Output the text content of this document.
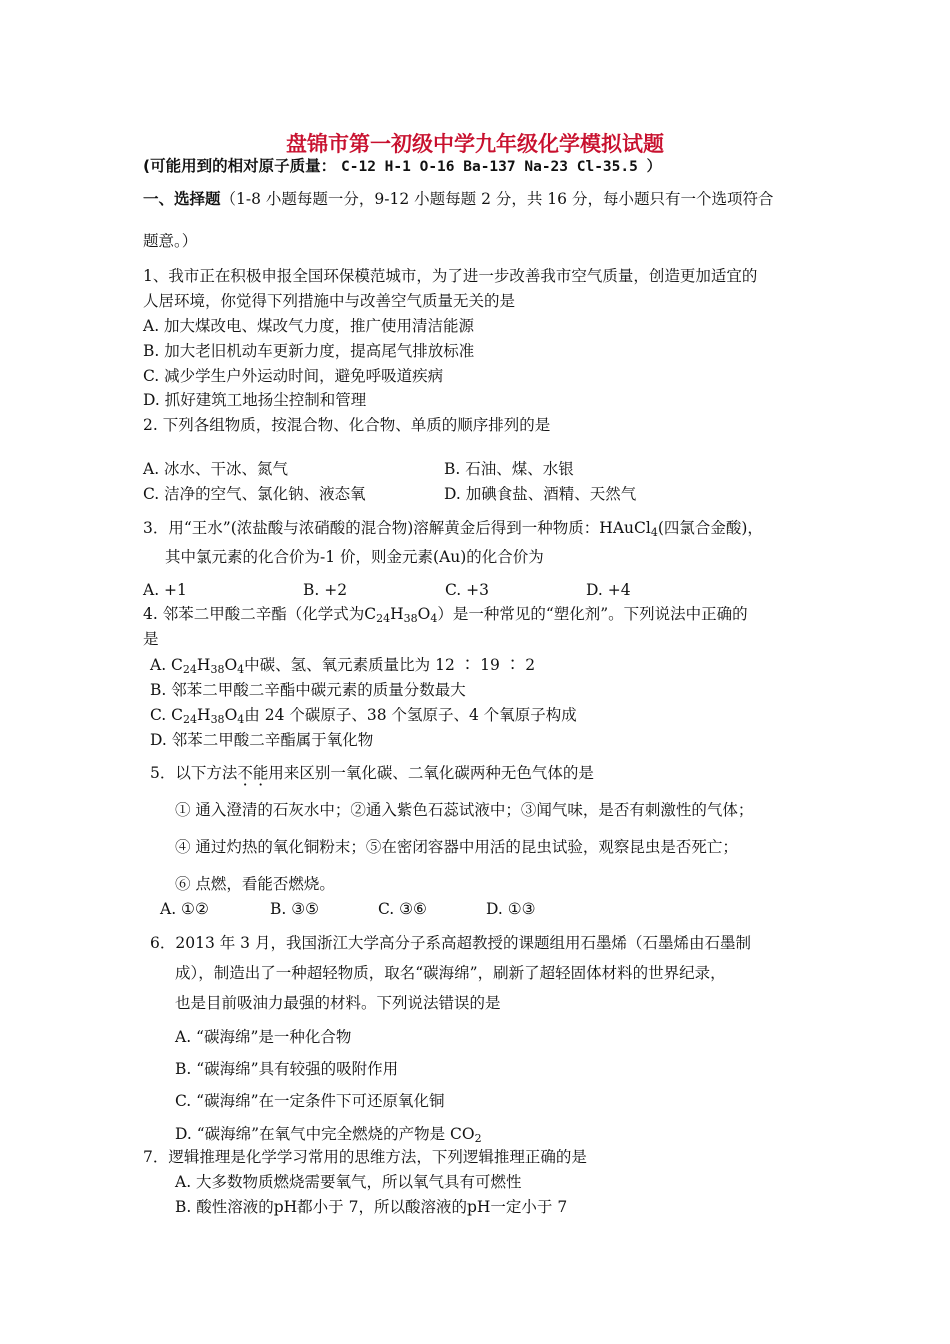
盘锦市第一初级中学九年级化学模拟试题
(可能用到的相对原子质量： C-12 H-1 O-16 Ba-137 Na-23 Cl-35.5 ）
一、选择题（1-8 小题每题一分，9-12 小题每题 2 分，共 16 分，每小题只有一个选项符合
题意。）
1、我市正在积极申报全国环保模范城市，为了进一步改善我市空气质量，创造更加适宜的
人居环境，你觉得下列措施中与改善空气质量无关的是
A. 加大煤改电、煤改气力度，推广使用清洁能源
B. 加大老旧机动车更新力度，提高尾气排放标准
C. 减少学生户外运动时间，避免呼吸道疾病
D. 抓好建筑工地扬尘控制和管理
2. 下列各组物质，按混合物、化合物、单质的顺序排列的是
A. 冰水、干冰、氮气	B. 石油、煤、水银
C. 洁净的空气、氯化钠、液态氧	D. 加碘食盐、酒精、天然气
3．用“王水”(浓盐酸与浓硝酸的混合物)溶解黄金后得到一种物质：HAuCl4(四氯合金酸)，
其中氯元素的化合价为-1 价，则金元素(Au)的化合价为
A. +1	B. +2	C. +3	D. +4
4. 邻苯二甲酸二辛酯（化学式为C24H38O4）是一种常见的“塑化剂”。下列说法中正确的
是
A. C24H38O4中碳、氢、氧元素质量比为 12 ∶ 19 ∶ 2
B. 邻苯二甲酸二辛酯中碳元素的质量分数最大
C. C24H38O4由 24 个碳原子、38 个氢原子、4 个氧原子构成
D. 邻苯二甲酸二辛酯属于氧化物
5．以下方法不能用来区别一氧化碳、二氧化碳两种无色气体的是
① 通入澄清的石灰水中；②通入紫色石蕊试液中；③闻气味，是否有刺激性的气体；
④ 通过灼热的氧化铜粉末；⑤在密闭容器中用活的昆虫试验，观察昆虫是否死亡；
⑥ 点燃，看能否燃烧。
A. ①②	B. ③⑤	C. ③⑥	D. ①③
6．2013 年 3 月，我国浙江大学高分子系高超教授的课题组用石墨烯（石墨烯由石墨制
成），制造出了一种超轻物质，取名“碳海绵”，刷新了超轻固体材料的世界纪录，
也是目前吸油力最强的材料。下列说法错误的是
A. “碳海绵”是一种化合物
B. “碳海绵”具有较强的吸附作用
C. “碳海绵”在一定条件下可还原氧化铜
D. “碳海绵”在氧气中完全燃烧的产物是 CO2
7．逻辑推理是化学学习常用的思维方法，下列逻辑推理正确的是
A. 大多数物质燃烧需要氧气，所以氧气具有可燃性
B. 酸性溶液的pH都小于 7，所以酸溶液的pH一定小于 7
